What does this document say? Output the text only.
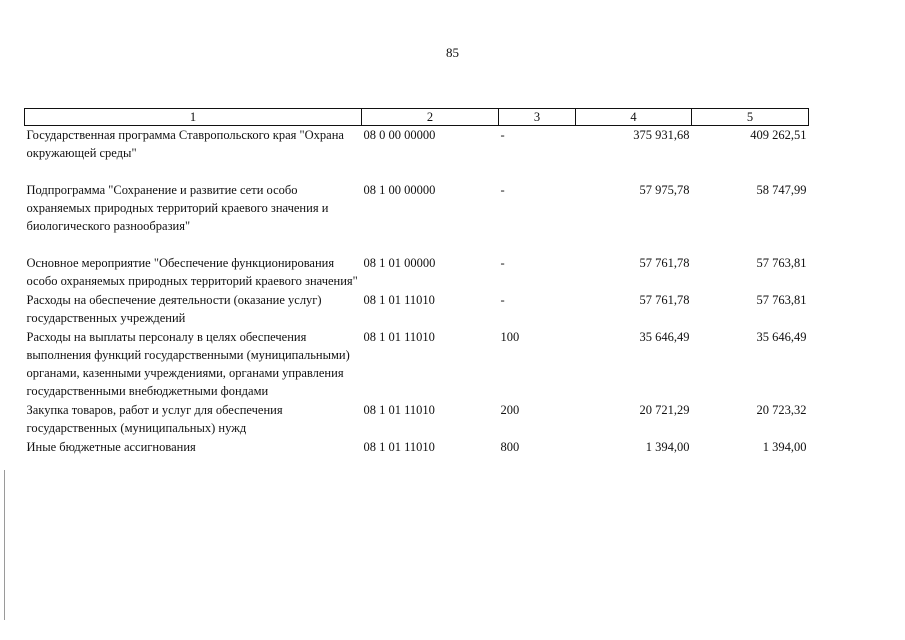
85
1	2	3	4	5
Государственная программа Ставропольского края "Охрана окружающей среды"	08 0 00 00000	-	375 931,68	409 262,51
Подпрограмма "Сохранение и развитие сети особо охраняемых природных территорий краевого значения и биологического разнообразия"	08 1 00 00000	-	57 975,78	58 747,99
Основное мероприятие "Обеспечение функционирования особо охраняемых природных территорий краевого значения"	08 1 01 00000	-	57 761,78	57 763,81
Расходы на обеспечение деятельности (оказание услуг) государственных учреждений	08 1 01 11010	-	57 761,78	57 763,81
Расходы на выплаты персоналу в целях обеспечения выполнения функций государственными (муниципальными) органами, казенными учреждениями, органами управления государственными внебюджетными фондами	08 1 01 11010	100	35 646,49	35 646,49
Закупка товаров, работ и услуг для обеспечения государственных (муниципальных) нужд	08 1 01 11010	200	20 721,29	20 723,32
Иные бюджетные ассигнования	08 1 01 11010	800	1 394,00	1 394,00
